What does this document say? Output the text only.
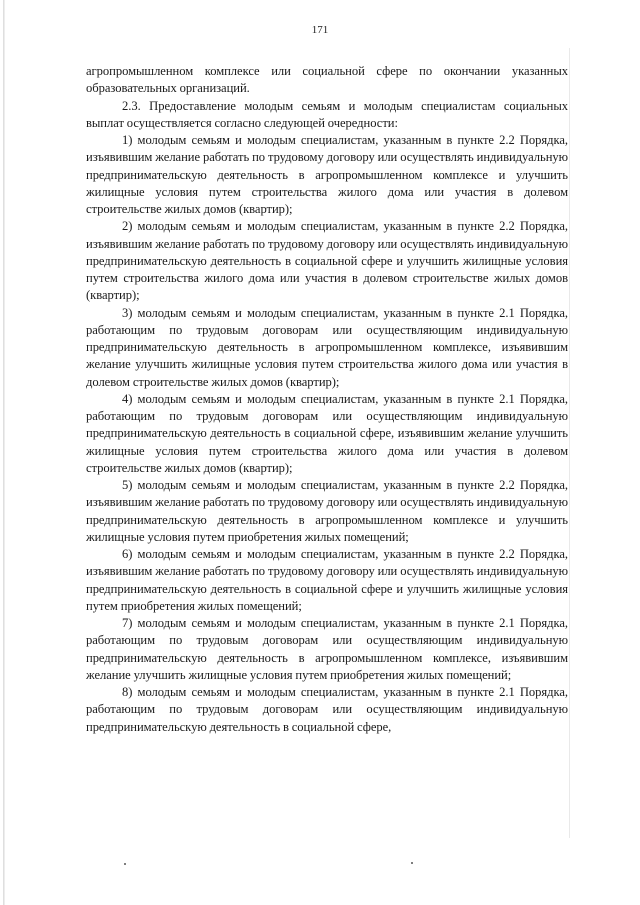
171

агропромышленном комплексе или социальной сфере по окончании указанных образовательных организаций.

2.3. Предоставление молодым семьям и молодым специалистам социальных выплат осуществляется согласно следующей очередности:

1) молодым семьям и молодым специалистам, указанным в пункте 2.2 Порядка, изъявившим желание работать по трудовому договору или осуществлять индивидуальную предпринимательскую деятельность в агропромышленном комплексе и улучшить жилищные условия путем строительства жилого дома или участия в долевом строительстве жилых домов (квартир);

2) молодым семьям и молодым специалистам, указанным в пункте 2.2 Порядка, изъявившим желание работать по трудовому договору или осуществлять индивидуальную предпринимательскую деятельность в социальной сфере и улучшить жилищные условия путем строительства жилого дома или участия в долевом строительстве жилых домов (квартир);

3) молодым семьям и молодым специалистам, указанным в пункте 2.1 Порядка, работающим по трудовым договорам или осуществляющим индивидуальную предпринимательскую деятельность в агропромышленном комплексе, изъявившим желание улучшить жилищные условия путем строительства жилого дома или участия в долевом строительстве жилых домов (квартир);

4) молодым семьям и молодым специалистам, указанным в пункте 2.1 Порядка, работающим по трудовым договорам или осуществляющим индивидуальную предпринимательскую деятельность в социальной сфере, изъявившим желание улучшить жилищные условия путем строительства жилого дома или участия в долевом строительстве жилых домов (квартир);

5) молодым семьям и молодым специалистам, указанным в пункте 2.2 Порядка, изъявившим желание работать по трудовому договору или осуществлять индивидуальную предпринимательскую деятельность в агропромышленном комплексе и улучшить жилищные условия путем приобретения жилых помещений;

6) молодым семьям и молодым специалистам, указанным в пункте 2.2 Порядка, изъявившим желание работать по трудовому договору или осуществлять индивидуальную предпринимательскую деятельность в социальной сфере и улучшить жилищные условия путем приобретения жилых помещений;

7) молодым семьям и молодым специалистам, указанным в пункте 2.1 Порядка, работающим по трудовым договорам или осуществляющим индивидуальную предпринимательскую деятельность в агропромышленном комплексе, изъявившим желание улучшить жилищные условия путем приобретения жилых помещений;

8) молодым семьям и молодым специалистам, указанным в пункте 2.1 Порядка, работающим по трудовым договорам или осуществляющим индивидуальную предпринимательскую деятельность в социальной сфере,
